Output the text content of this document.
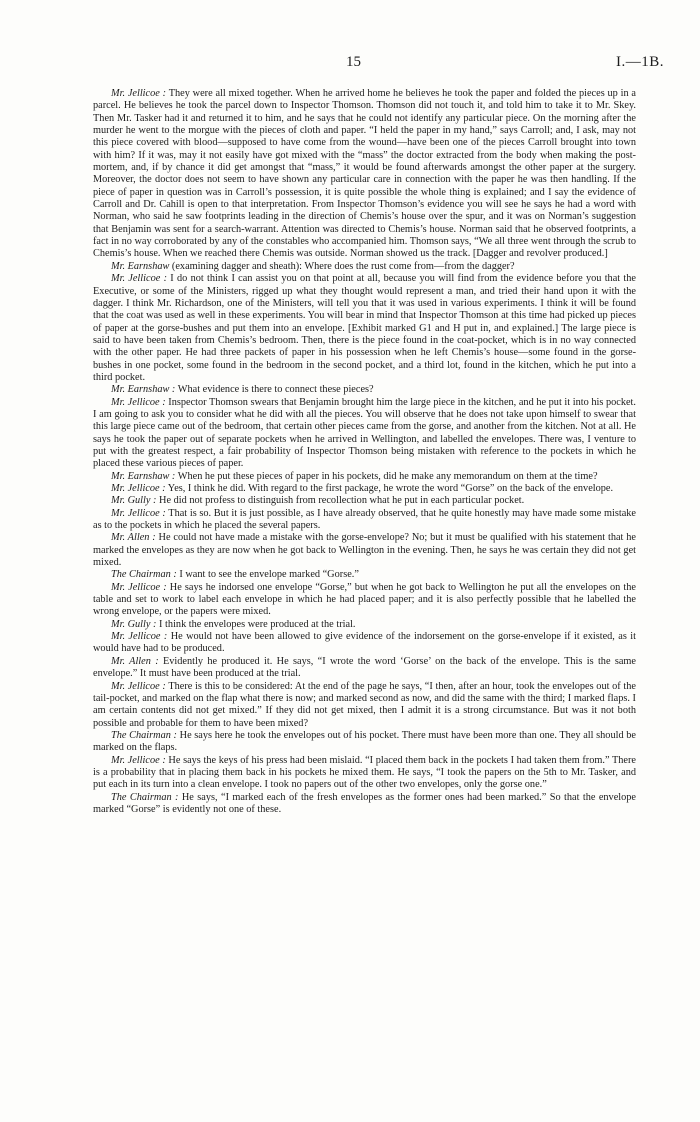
15	I.—1B.

Mr. Jellicoe : They were all mixed together. When he arrived home he believes he took the paper and folded the pieces up in a parcel. He believes he took the parcel down to Inspector Thomson. Thomson did not touch it, and told him to take it to Mr. Skey. Then Mr. Tasker had it and returned it to him, and he says that he could not identify any particular piece. On the morning after the murder he went to the morgue with the pieces of cloth and paper. “I held the paper in my hand,” says Carroll; and, I ask, may not this piece covered with blood—supposed to have come from the wound—have been one of the pieces Carroll brought into town with him? If it was, may it not easily have got mixed with the “mass” the doctor extracted from the body when making the post-mortem, and, if by chance it did get amongst that “mass,” it would be found afterwards amongst the other paper at the surgery. Moreover, the doctor does not seem to have shown any particular care in connection with the paper he was then handling. If the piece of paper in question was in Carroll’s possession, it is quite possible the whole thing is explained; and I say the evidence of Carroll and Dr. Cahill is open to that interpretation. From Inspector Thomson’s evidence you will see he says he had a word with Norman, who said he saw footprints leading in the direction of Chemis’s house over the spur, and it was on Norman’s suggestion that Benjamin was sent for a search-warrant. Attention was directed to Chemis’s house. Norman said that he observed footprints, a fact in no way corroborated by any of the constables who accompanied him. Thomson says, “We all three went through the scrub to Chemis’s house. When we reached there Chemis was outside. Norman showed us the track. [Dagger and revolver produced.]

Mr. Earnshaw (examining dagger and sheath): Where does the rust come from—from the dagger?

Mr. Jellicoe : I do not think I can assist you on that point at all, because you will find from the evidence before you that the Executive, or some of the Ministers, rigged up what they thought would represent a man, and tried their hand upon it with the dagger. I think Mr. Richardson, one of the Ministers, will tell you that it was used in various experiments. I think it will be found that the coat was used as well in these experiments. You will bear in mind that Inspector Thomson at this time had picked up pieces of paper at the gorse-bushes and put them into an envelope. [Exhibit marked G1 and H put in, and explained.] The large piece is said to have been taken from Chemis’s bedroom. Then, there is the piece found in the coat-pocket, which is in no way connected with the other paper. He had three packets of paper in his possession when he left Chemis’s house—some found in the gorse-bushes in one pocket, some found in the bedroom in the second pocket, and a third lot, found in the kitchen, which he put into a third pocket.

Mr. Earnshaw : What evidence is there to connect these pieces?

Mr. Jellicoe : Inspector Thomson swears that Benjamin brought him the large piece in the kitchen, and he put it into his pocket. I am going to ask you to consider what he did with all the pieces. You will observe that he does not take upon himself to swear that this large piece came out of the bedroom, that certain other pieces came from the gorse, and another from the kitchen. Not at all. He says he took the paper out of separate pockets when he arrived in Wellington, and labelled the envelopes. There was, I venture to put with the greatest respect, a fair probability of Inspector Thomson being mistaken with reference to the pockets in which he placed these various pieces of paper.

Mr. Earnshaw : When he put these pieces of paper in his pockets, did he make any memorandum on them at the time?

Mr. Jellicoe : Yes, I think he did. With regard to the first package, he wrote the word “Gorse” on the back of the envelope.

Mr. Gully : He did not profess to distinguish from recollection what he put in each particular pocket.

Mr. Jellicoe : That is so. But it is just possible, as I have already observed, that he quite honestly may have made some mistake as to the pockets in which he placed the several papers.

Mr. Allen : He could not have made a mistake with the gorse-envelope? No; but it must be qualified with his statement that he marked the envelopes as they are now when he got back to Wellington in the evening. Then, he says he was certain they did not get mixed.

The Chairman : I want to see the envelope marked “Gorse.”

Mr. Jellicoe : He says he indorsed one envelope “Gorse,” but when he got back to Wellington he put all the envelopes on the table and set to work to label each envelope in which he had placed paper; and it is also perfectly possible that he labelled the wrong envelope, or the papers were mixed.

Mr. Gully : I think the envelopes were produced at the trial.

Mr. Jellicoe : He would not have been allowed to give evidence of the indorsement on the gorse-envelope if it existed, as it would have had to be produced.

Mr. Allen : Evidently he produced it. He says, “I wrote the word ‘Gorse’ on the back of the envelope. This is the same envelope.” It must have been produced at the trial.

Mr. Jellicoe : There is this to be considered: At the end of the page he says, “I then, after an hour, took the envelopes out of the tail-pocket, and marked on the flap what there is now; and marked second as now, and did the same with the third; I marked flaps. I am certain contents did not get mixed.” If they did not get mixed, then I admit it is a strong circumstance. But was it not both possible and probable for them to have been mixed?

The Chairman : He says here he took the envelopes out of his pocket. There must have been more than one. They all should be marked on the flaps.

Mr. Jellicoe : He says the keys of his press had been mislaid. “I placed them back in the pockets I had taken them from.” There is a probability that in placing them back in his pockets he mixed them. He says, “I took the papers on the 5th to Mr. Tasker, and put each in its turn into a clean envelope. I took no papers out of the other two envelopes, only the gorse one.”

The Chairman : He says, “I marked each of the fresh envelopes as the former ones had been marked.” So that the envelope marked “Gorse” is evidently not one of these.
